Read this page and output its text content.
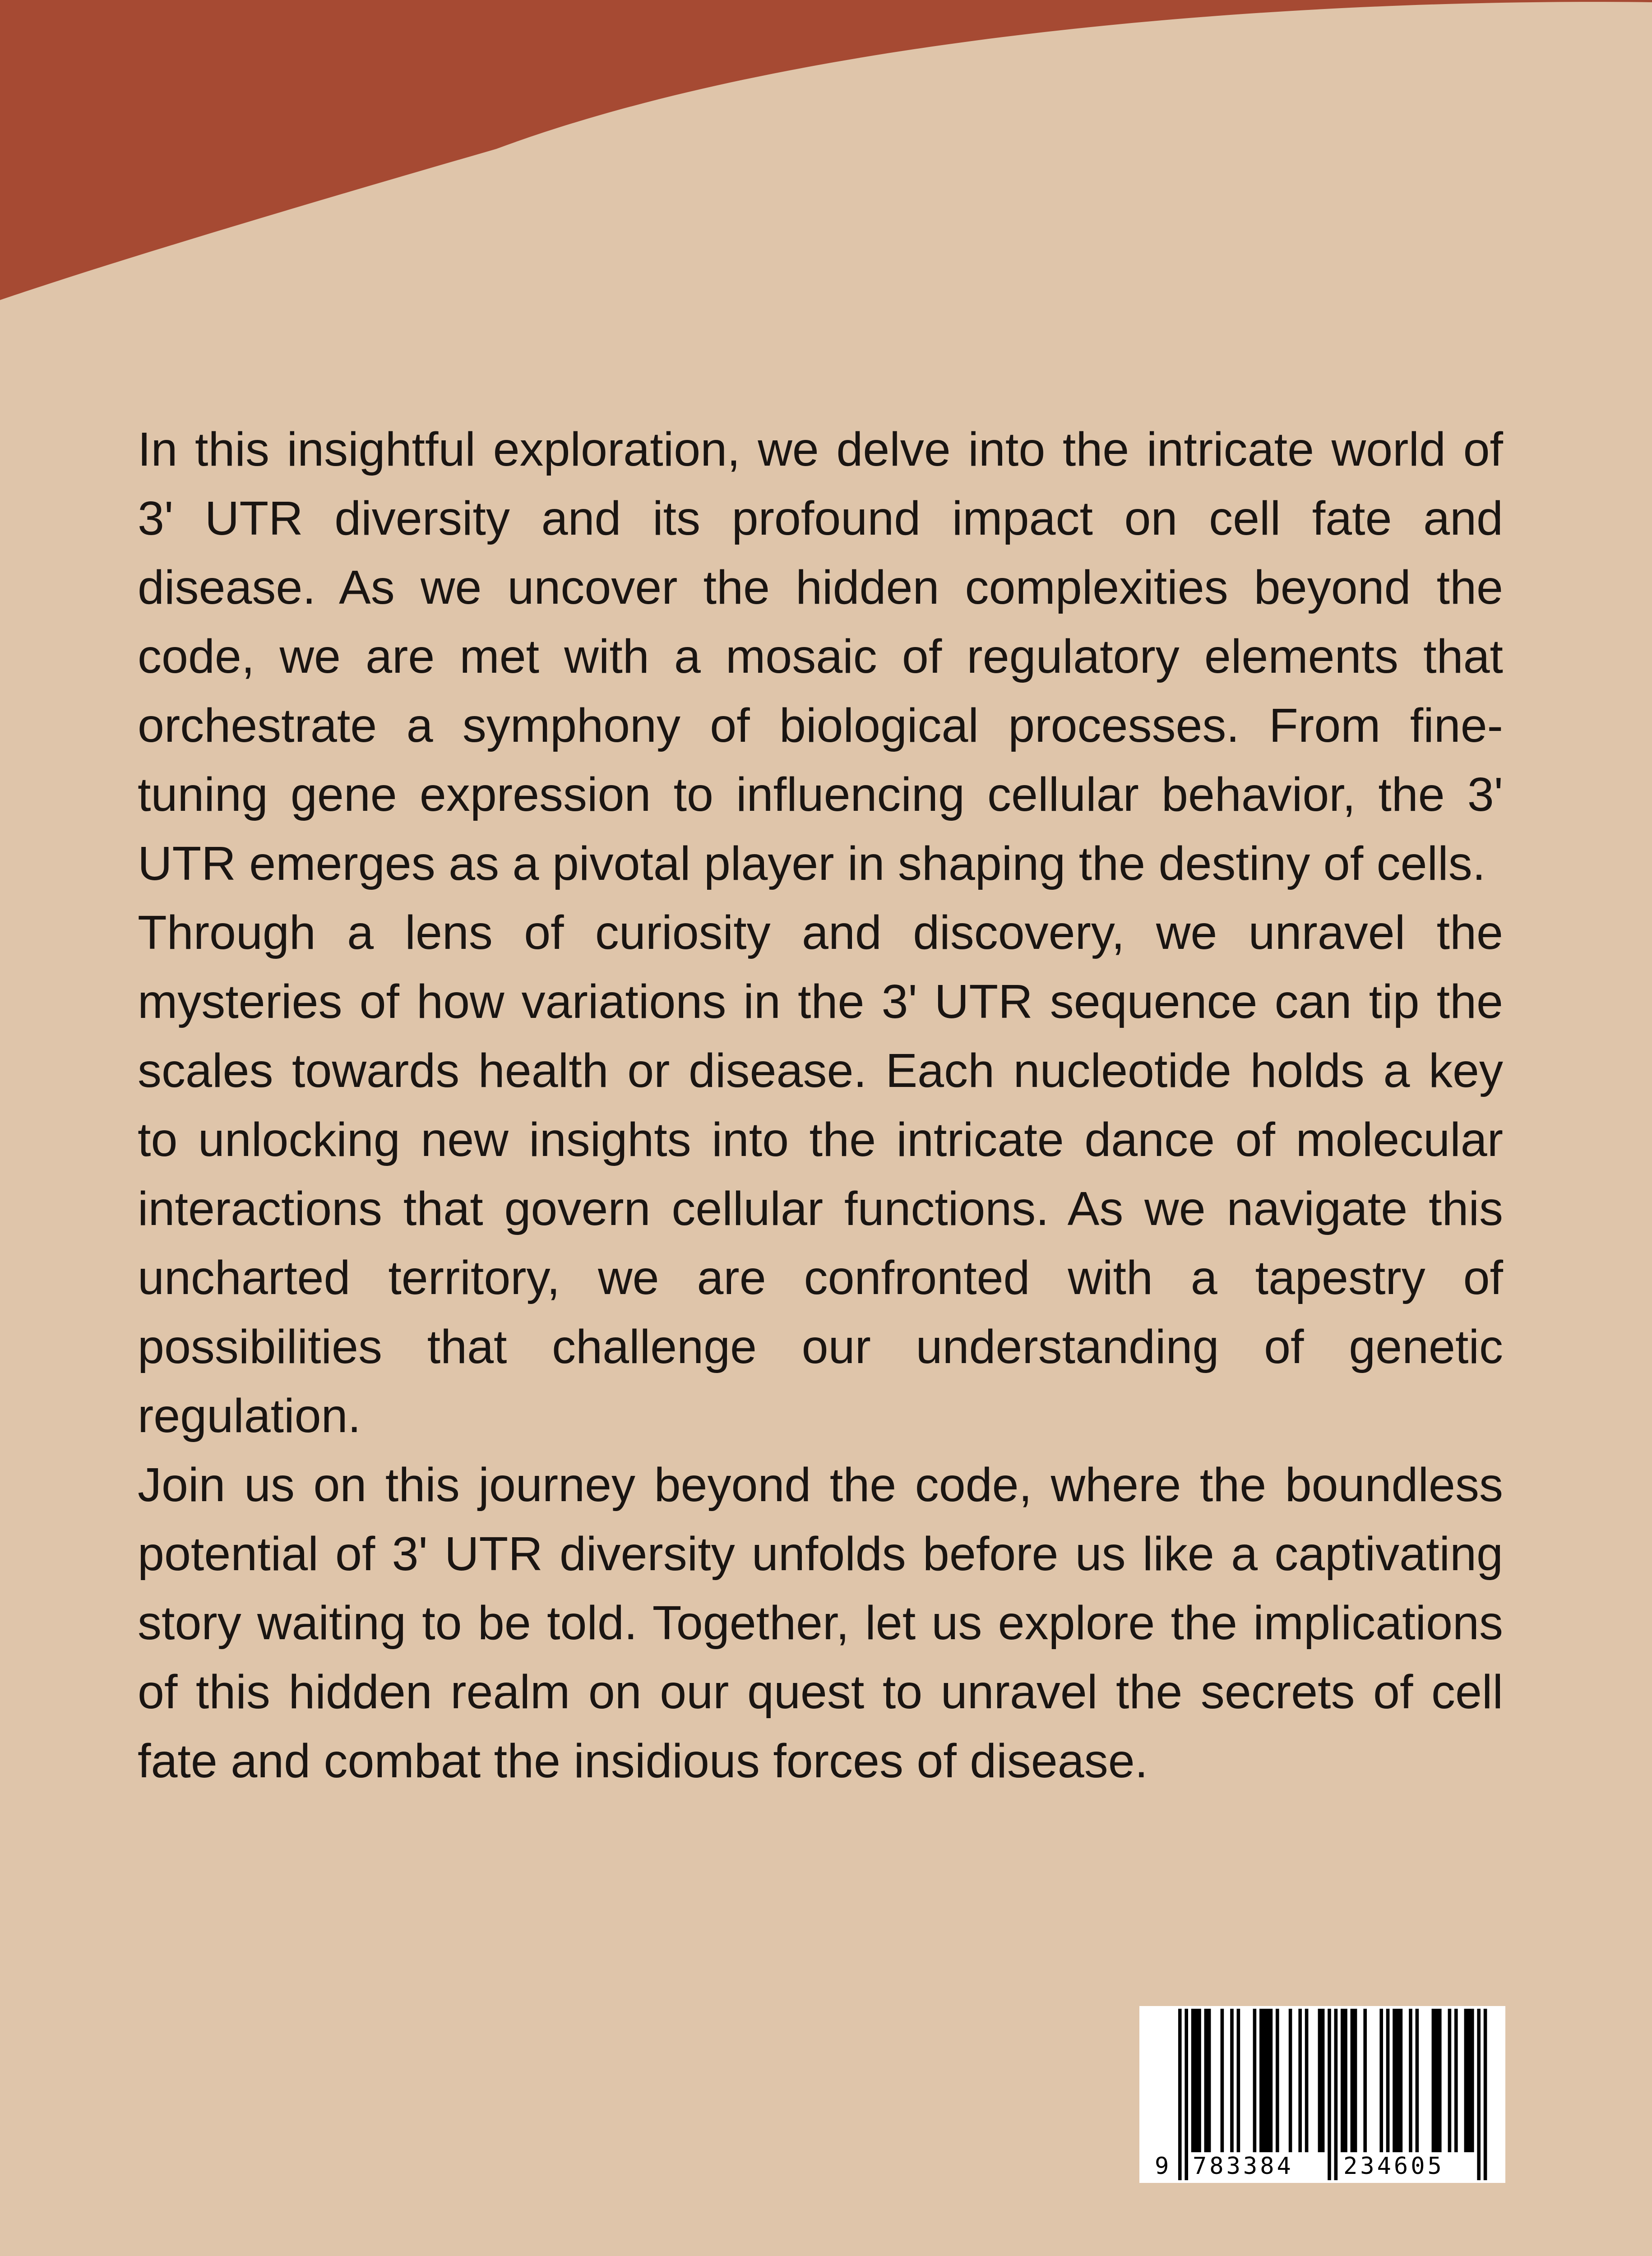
In this insightful exploration, we delve into the intricate world of 3' UTR diversity and its profound impact on cell fate and disease. As we uncover the hidden complexities beyond the code, we are met with a mosaic of regulatory elements that orchestrate a symphony of biological processes. From fine-tuning gene expression to influencing cellular behavior, the 3' UTR emerges as a pivotal player in shaping the destiny of cells.

Through a lens of curiosity and discovery, we unravel the mysteries of how variations in the 3' UTR sequence can tip the scales towards health or disease. Each nucleotide holds a key to unlocking new insights into the intricate dance of molecular interactions that govern cellular functions. As we navigate this uncharted territory, we are confronted with a tapestry of possibilities that challenge our understanding of genetic regulation.

Join us on this journey beyond the code, where the boundless potential of 3' UTR diversity unfolds before us like a captivating story waiting to be told. Together, let us explore the implications of this hidden realm on our quest to unravel the secrets of cell fate and combat the insidious forces of disease.

9 783384 234605
